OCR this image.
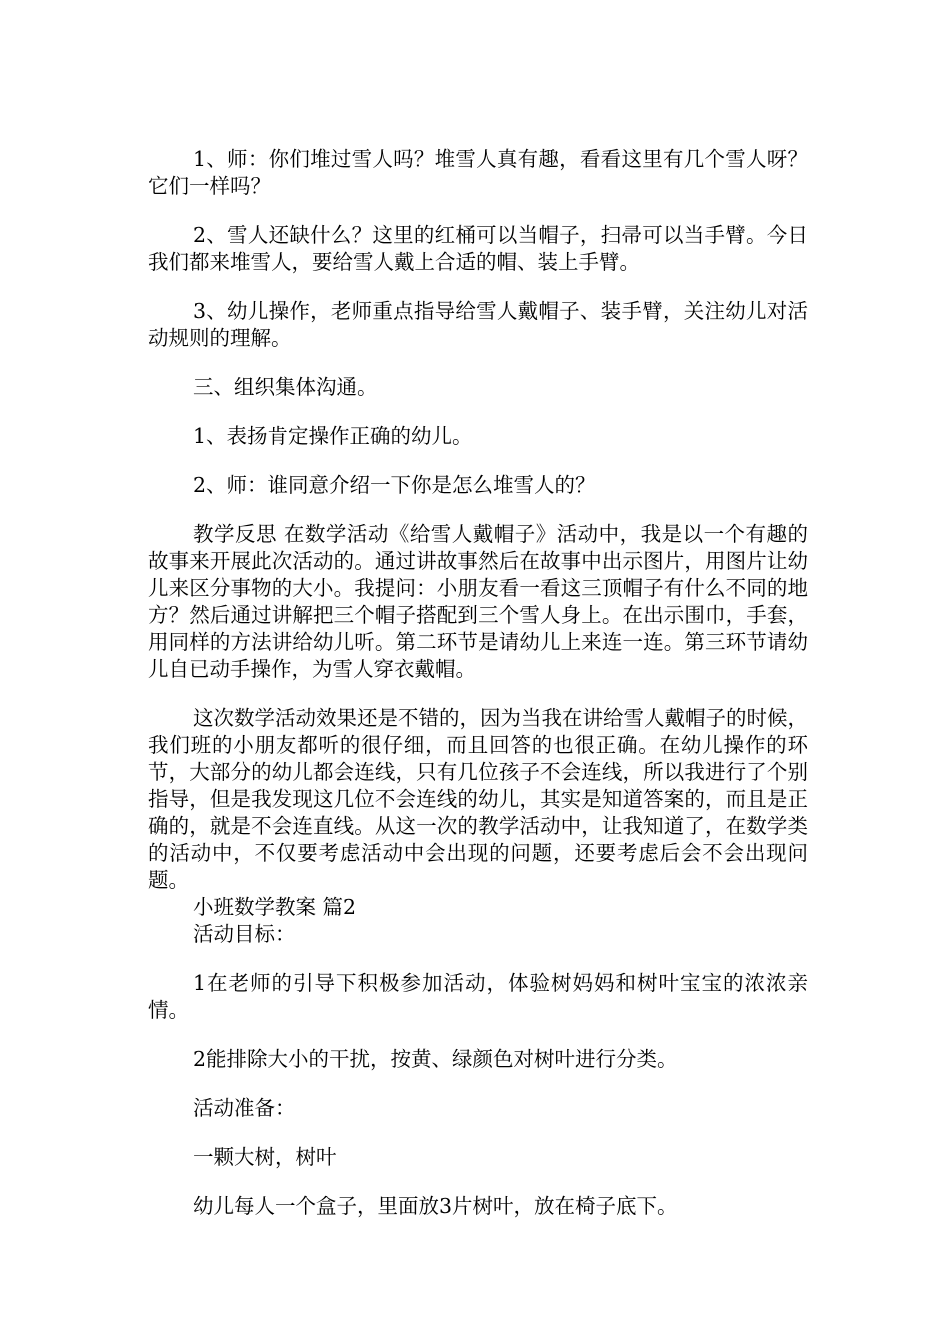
1、师：你们堆过雪人吗？堆雪人真有趣，看看这里有几个雪人呀？它们一样吗？

2、雪人还缺什么？这里的红桶可以当帽子，扫帚可以当手臂。今日我们都来堆雪人，要给雪人戴上合适的帽、装上手臂。

3、幼儿操作，老师重点指导给雪人戴帽子、装手臂，关注幼儿对活动规则的理解。

三、组织集体沟通。

1、表扬肯定操作正确的幼儿。

2、师：谁同意介绍一下你是怎么堆雪人的？

教学反思 在数学活动《给雪人戴帽子》活动中，我是以一个有趣的故事来开展此次活动的。通过讲故事然后在故事中出示图片，用图片让幼儿来区分事物的大小。我提问：小朋友看一看这三顶帽子有什么不同的地方？然后通过讲解把三个帽子搭配到三个雪人身上。在出示围巾，手套，用同样的方法讲给幼儿听。第二环节是请幼儿上来连一连。第三环节请幼儿自已动手操作，为雪人穿衣戴帽。

这次数学活动效果还是不错的，因为当我在讲给雪人戴帽子的时候，我们班的小朋友都听的很仔细，而且回答的也很正确。在幼儿操作的环节，大部分的幼儿都会连线，只有几位孩子不会连线，所以我进行了个别指导，但是我发现这几位不会连线的幼儿，其实是知道答案的，而且是正确的，就是不会连直线。从这一次的教学活动中，让我知道了，在数学类的活动中，不仅要考虑活动中会出现的问题，还要考虑后会不会出现问题。

小班数学教案 篇2

活动目标：

1在老师的引导下积极参加活动，体验树妈妈和树叶宝宝的浓浓亲情。

2能排除大小的干扰，按黄、绿颜色对树叶进行分类。

活动准备：

一颗大树，树叶

幼儿每人一个盒子，里面放3片树叶，放在椅子底下。
